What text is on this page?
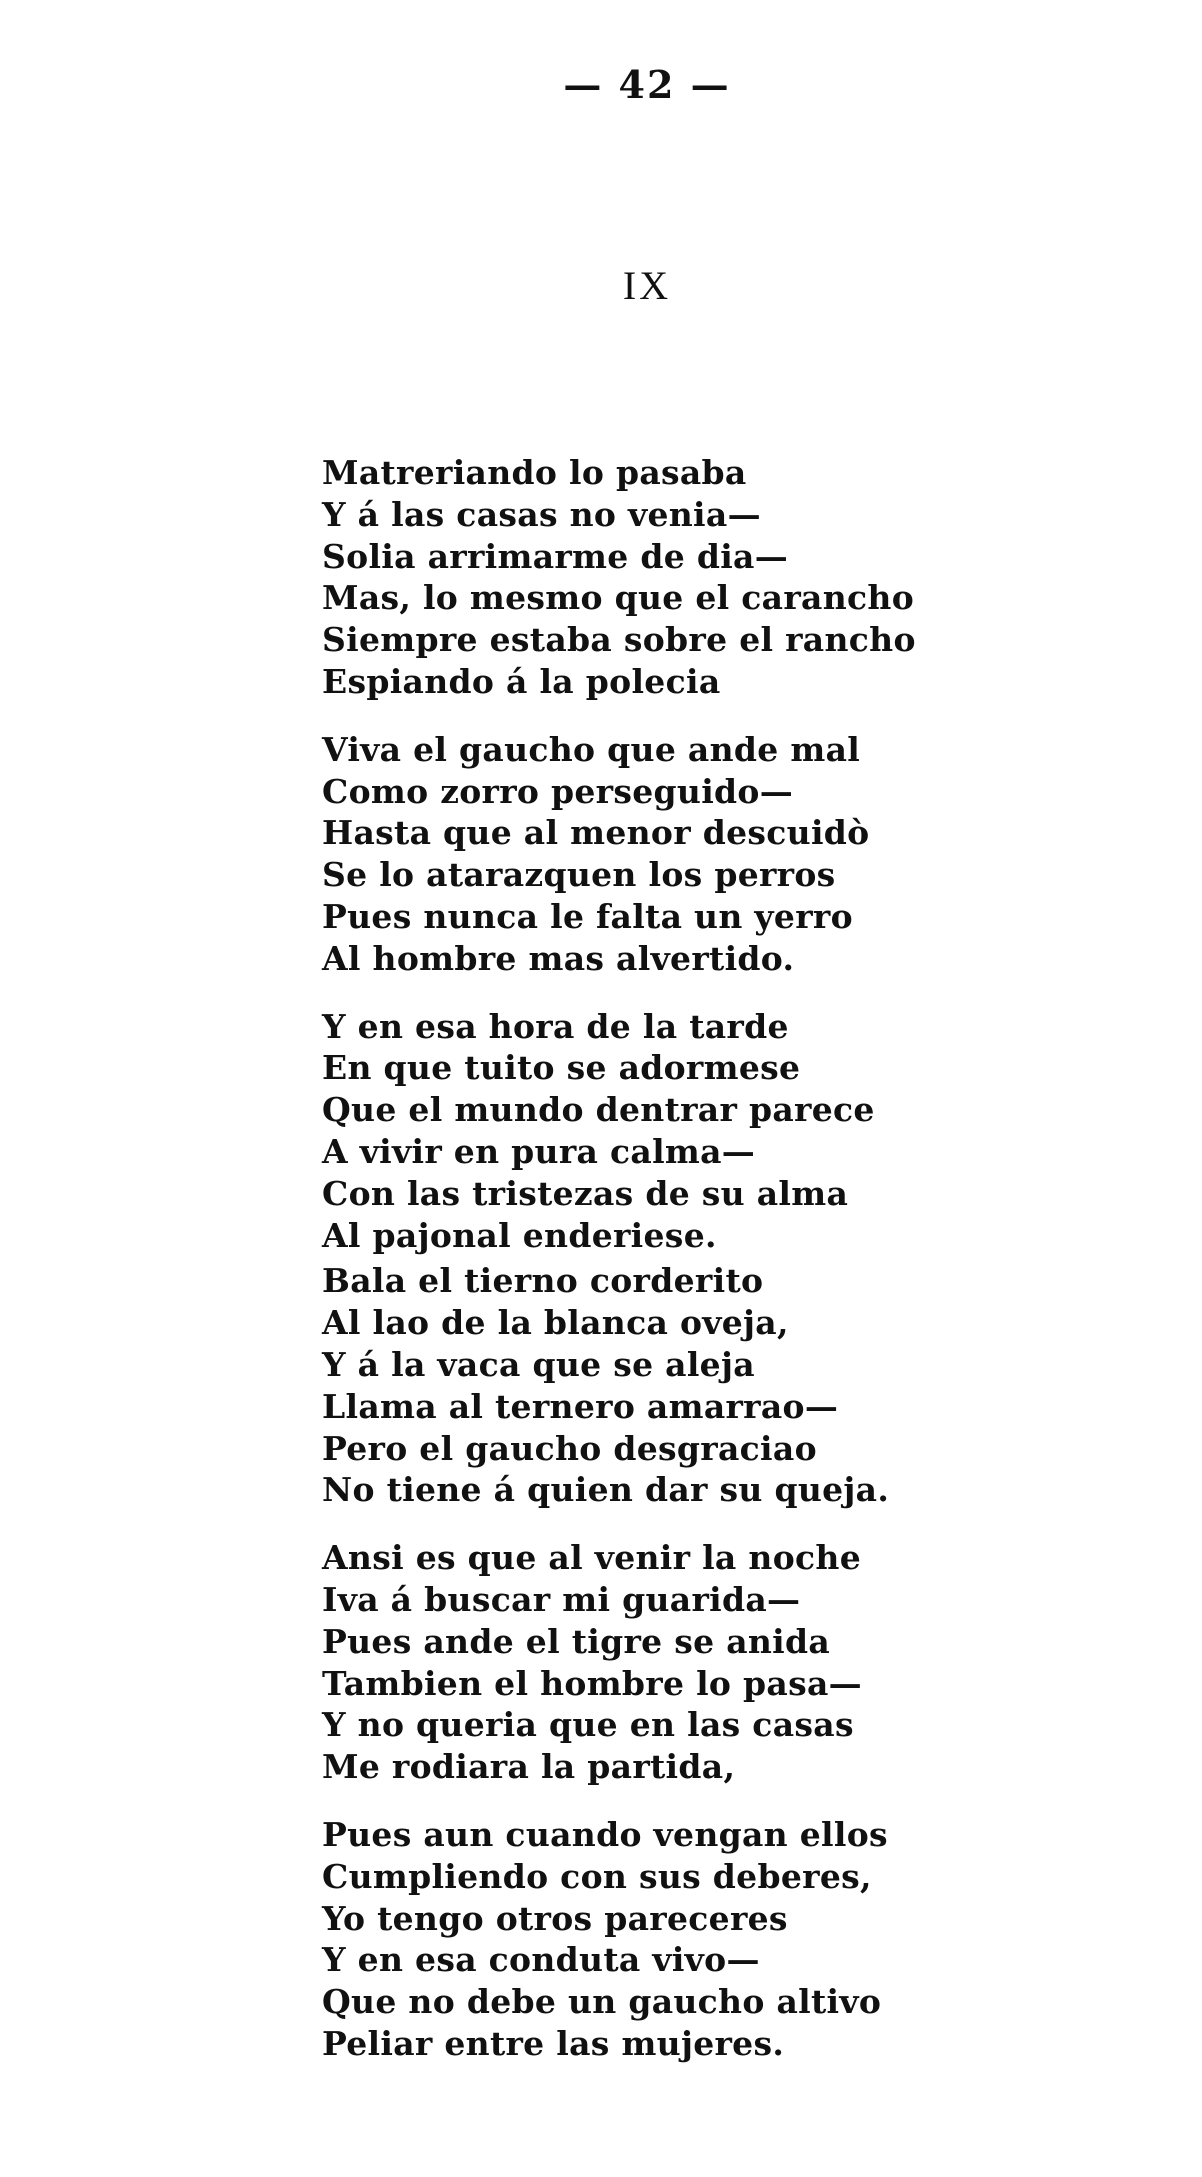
— 42 —
IX
Matreriando lo pasaba
Y á las casas no venia—
Solia arrimarme de dia—
Mas, lo mesmo que el carancho
Siempre estaba sobre el rancho
Espiando á la polecia
Viva el gaucho que ande mal
Como zorro perseguido—
Hasta que al menor descuidò
Se lo atarazquen los perros
Pues nunca le falta un yerro
Al hombre mas alvertido.
Y en esa hora de la tarde
En que tuito se adormese
Que el mundo dentrar parece
A vivir en pura calma—
Con las tristezas de su alma
Al pajonal enderiese.
Bala el tierno corderito
Al lao de la blanca oveja,
Y á la vaca que se aleja
Llama al ternero amarrao—
Pero el gaucho desgraciao
No tiene á quien dar su queja.
Ansi es que al venir la noche
Iva á buscar mi guarida—
Pues ande el tigre se anida
Tambien el hombre lo pasa—
Y no queria que en las casas
Me rodiara la partida,
Pues aun cuando vengan ellos
Cumpliendo con sus deberes,
Yo tengo otros pareceres
Y en esa conduta vivo—
Que no debe un gaucho altivo
Peliar entre las mujeres.
